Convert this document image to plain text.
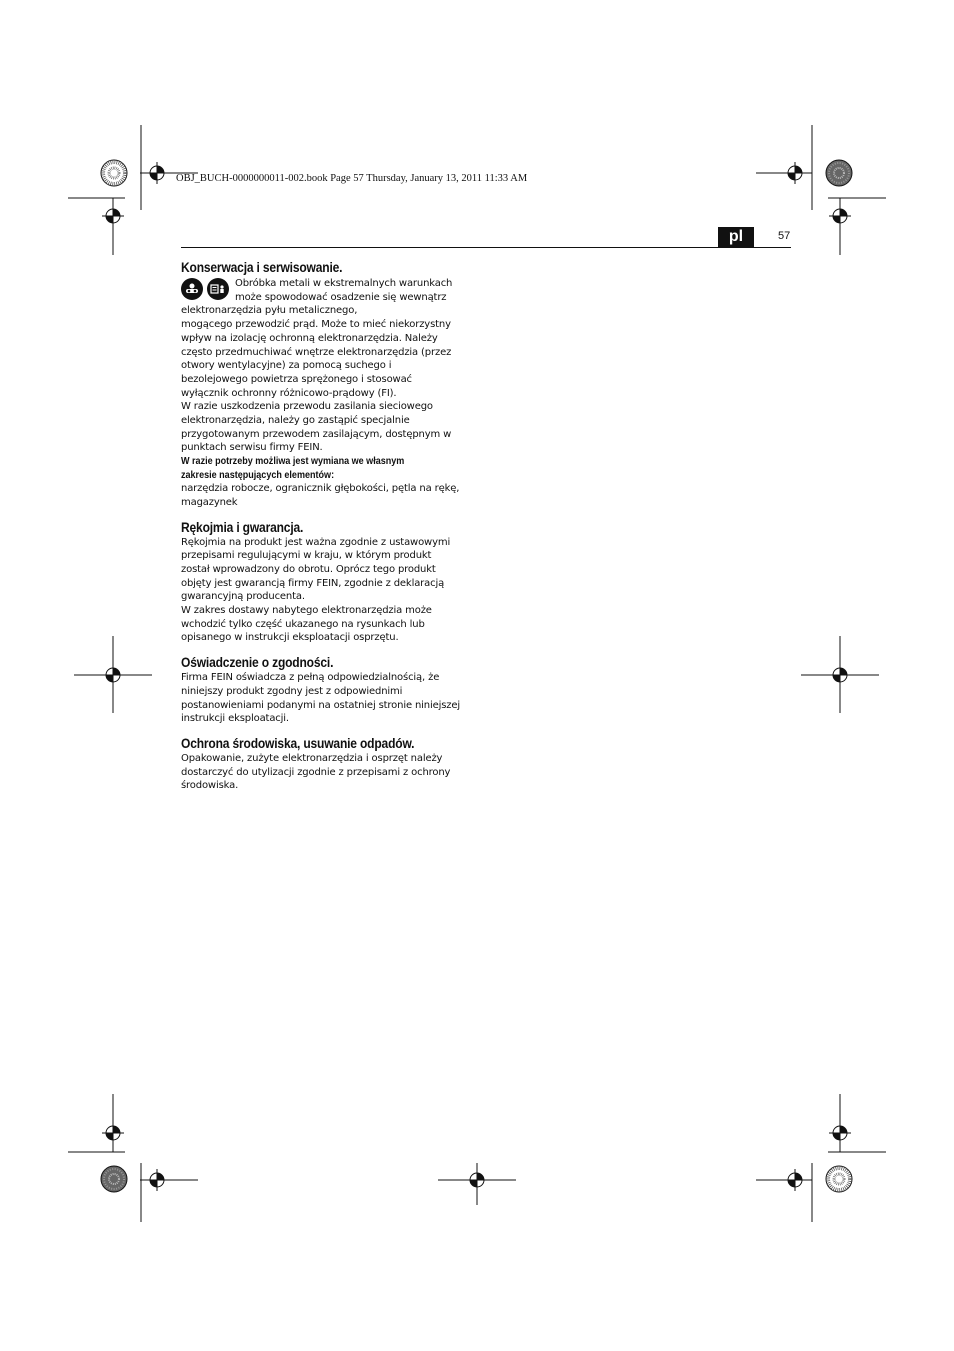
OBJ_BUCH-0000000011-002.book Page 57 Thursday, January 13, 2011 11:33 AM
pl	57
Konserwacja i serwisowanie.

Obróbka metali w ekstremalnych warunkach

może spowodować osadzenie się wewnątrz

elektronarzędzia pyłu metalicznego,

mogącego przewodzić prąd. Może to mieć niekorzystny

wpływ na izolację ochronną elektronarzędzia. Należy

często przedmuchiwać wnętrze elektronarzędzia (przez

otwory wentylacyjne) za pomocą suchego i

bezolejowego powietrza sprężonego i stosować

wyłącznik ochronny różnicowo-prądowy (FI).

W razie uszkodzenia przewodu zasilania sieciowego

elektronarzędzia, należy go zastąpić specjalnie

przygotowanym przewodem zasilającym, dostępnym w

punktach serwisu firmy FEIN.

W razie potrzeby możliwa jest wymiana we własnym
zakresie następujących elementów:

narzędzia robocze, ogranicznik głębokości, pętla na rękę,

magazynek

Rękojmia i gwarancja.

Rękojmia na produkt jest ważna zgodnie z ustawowymi

przepisami regulującymi w kraju, w którym produkt

został wprowadzony do obrotu. Oprócz tego produkt

objęty jest gwarancją firmy FEIN, zgodnie z deklaracją

gwarancyjną producenta.

W zakres dostawy nabytego elektronarzędzia może

wchodzić tylko część ukazanego na rysunkach lub

opisanego w instrukcji eksploatacji osprzętu.

Oświadczenie o zgodności.

Firma FEIN oświadcza z pełną odpowiedzialnością, że

niniejszy produkt zgodny jest z odpowiednimi

postanowieniami podanymi na ostatniej stronie niniejszej

instrukcji eksploatacji.

Ochrona środowiska, usuwanie odpadów.

Opakowanie, zużyte elektronarzędzia i osprzęt należy

dostarczyć do utylizacji zgodnie z przepisami z ochrony

środowiska.
